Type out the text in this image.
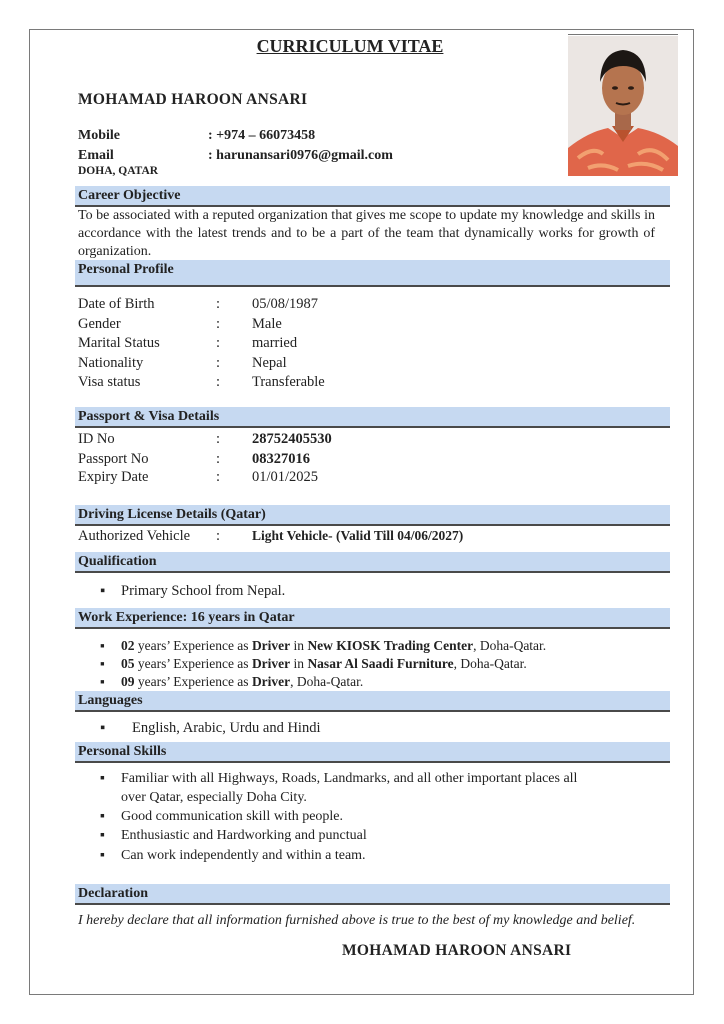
CURRICULUM VITAE
MOHAMAD HAROON ANSARI
Mobile	: +974 – 66073458
Email	: harunansari0976@gmail.com
DOHA, QATAR
Career Objective
To be associated with a reputed organization that gives me scope to update my knowledge and skills in accordance with the latest trends and to be a part of the team that dynamically works for growth of organization.
Personal Profile
Date of Birth	: 05/08/1987
Gender	: Male
Marital Status	: married
Nationality	: Nepal
Visa status	: Transferable
Passport & Visa Details
ID No	: 28752405530
Passport No	: 08327016
Expiry Date	: 01/01/2025
Driving License Details (Qatar)
Authorized Vehicle : Light Vehicle- (Valid Till 04/06/2027)
Qualification
▪ Primary School from Nepal.
Work Experience: 16 years in Qatar
▪ 02 years’ Experience as Driver in New KIOSK Trading Center, Doha-Qatar.
▪ 05 years’ Experience as Driver in Nasar Al Saadi Furniture, Doha-Qatar.
▪ 09 years’ Experience as Driver, Doha-Qatar.
Languages
▪ English, Arabic, Urdu and Hindi
Personal Skills
▪ Familiar with all Highways, Roads, Landmarks, and all other important places all
over Qatar, especially Doha City.
▪ Good communication skill with people.
▪ Enthusiastic and Hardworking and punctual
▪ Can work independently and within a team.
Declaration
I hereby declare that all information furnished above is true to the best of my knowledge and belief.
MOHAMAD HAROON ANSARI
